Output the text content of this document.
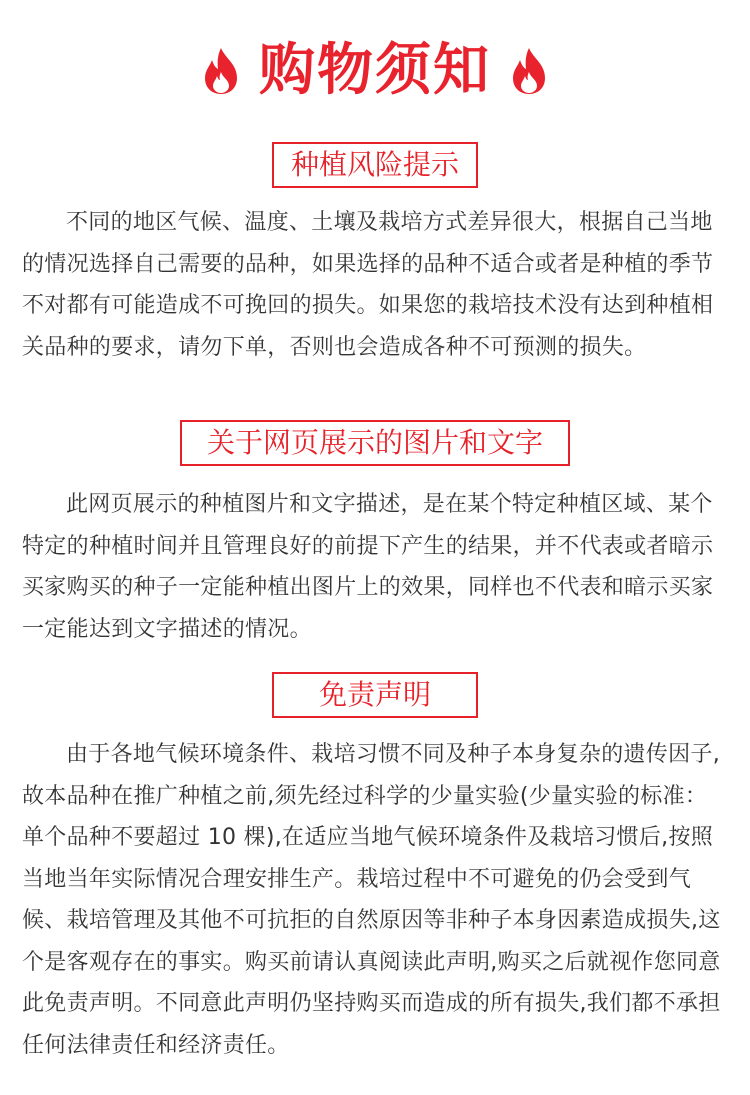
购物须知
种植风险提示

不同的地区气候、温度、土壤及栽培方式差异很大，根据自己当地的情况选择自己需要的品种，如果选择的品种不适合或者是种植的季节不对都有可能造成不可挽回的损失。如果您的栽培技术没有达到种植相关品种的要求，请勿下单，否则也会造成各种不可预测的损失。

关于网页展示的图片和文字

此网页展示的种植图片和文字描述，是在某个特定种植区域、某个特定的种植时间并且管理良好的前提下产生的结果，并不代表或者暗示买家购买的种子一定能种植出图片上的效果，同样也不代表和暗示买家一定能达到文字描述的情况。

免责声明

由于各地气候环境条件、栽培习惯不同及种子本身复杂的遗传因子,故本品种在推广种植之前,须先经过科学的少量实验(少量实验的标准：单个品种不要超过 10 棵),在适应当地气候环境条件及栽培习惯后,按照当地当年实际情况合理安排生产。栽培过程中不可避免的仍会受到气候、栽培管理及其他不可抗拒的自然原因等非种子本身因素造成损失,这个是客观存在的事实。购买前请认真阅读此声明,购买之后就视作您同意此免责声明。不同意此声明仍坚持购买而造成的所有损失,我们都不承担任何法律责任和经济责任。
